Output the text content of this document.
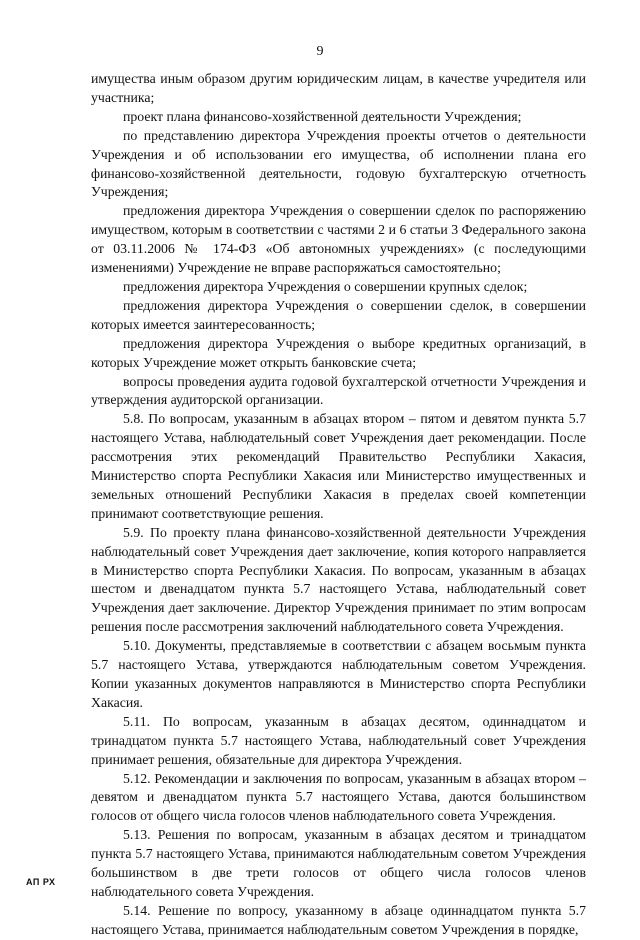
9

имущества иным образом другим юридическим лицам, в качестве учредителя или участника;

проект плана финансово-хозяйственной деятельности Учреждения;

по представлению директора Учреждения проекты отчетов о деятельности Учреждения и об использовании его имущества, об исполнении плана его финансово-хозяйственной деятельности, годовую бухгалтерскую отчетность Учреждения;

предложения директора Учреждения о совершении сделок по распоряжению имуществом, которым в соответствии с частями 2 и 6 статьи 3 Федерального закона от 03.11.2006 № 174-ФЗ «Об автономных учреждениях» (с последующими изменениями) Учреждение не вправе распоряжаться самостоятельно;

предложения директора Учреждения о совершении крупных сделок;

предложения директора Учреждения о совершении сделок, в совершении которых имеется заинтересованность;

предложения директора Учреждения о выборе кредитных организаций, в которых Учреждение может открыть банковские счета;

вопросы проведения аудита годовой бухгалтерской отчетности Учреждения и утверждения аудиторской организации.

5.8. По вопросам, указанным в абзацах втором – пятом и девятом пункта 5.7 настоящего Устава, наблюдательный совет Учреждения дает рекомендации. После рассмотрения этих рекомендаций Правительство Республики Хакасия, Министерство спорта Республики Хакасия или Министерство имущественных и земельных отношений Республики Хакасия в пределах своей компетенции принимают соответствующие решения.

5.9. По проекту плана финансово-хозяйственной деятельности Учреждения наблюдательный совет Учреждения дает заключение, копия которого направляется в Министерство спорта Республики Хакасия. По вопросам, указанным в абзацах шестом и двенадцатом пункта 5.7 настоящего Устава, наблюдательный совет Учреждения дает заключение. Директор Учреждения принимает по этим вопросам решения после рассмотрения заключений наблюдательного совета Учреждения.

5.10. Документы, представляемые в соответствии с абзацем восьмым пункта 5.7 настоящего Устава, утверждаются наблюдательным советом Учреждения. Копии указанных документов направляются в Министерство спорта Республики Хакасия.

5.11. По вопросам, указанным в абзацах десятом, одиннадцатом и тринадцатом пункта 5.7 настоящего Устава, наблюдательный совет Учреждения принимает решения, обязательные для директора Учреждения.

5.12. Рекомендации и заключения по вопросам, указанным в абзацах втором – девятом и двенадцатом пункта 5.7 настоящего Устава, даются большинством голосов от общего числа голосов членов наблюдательного совета Учреждения.

5.13. Решения по вопросам, указанным в абзацах десятом и тринадцатом пункта 5.7 настоящего Устава, принимаются наблюдательным советом Учреждения большинством в две трети голосов от общего числа голосов членов наблюдательного совета Учреждения.

5.14. Решение по вопросу, указанному в абзаце одиннадцатом пункта 5.7 настоящего Устава, принимается наблюдательным советом Учреждения в порядке,

АП РХ
